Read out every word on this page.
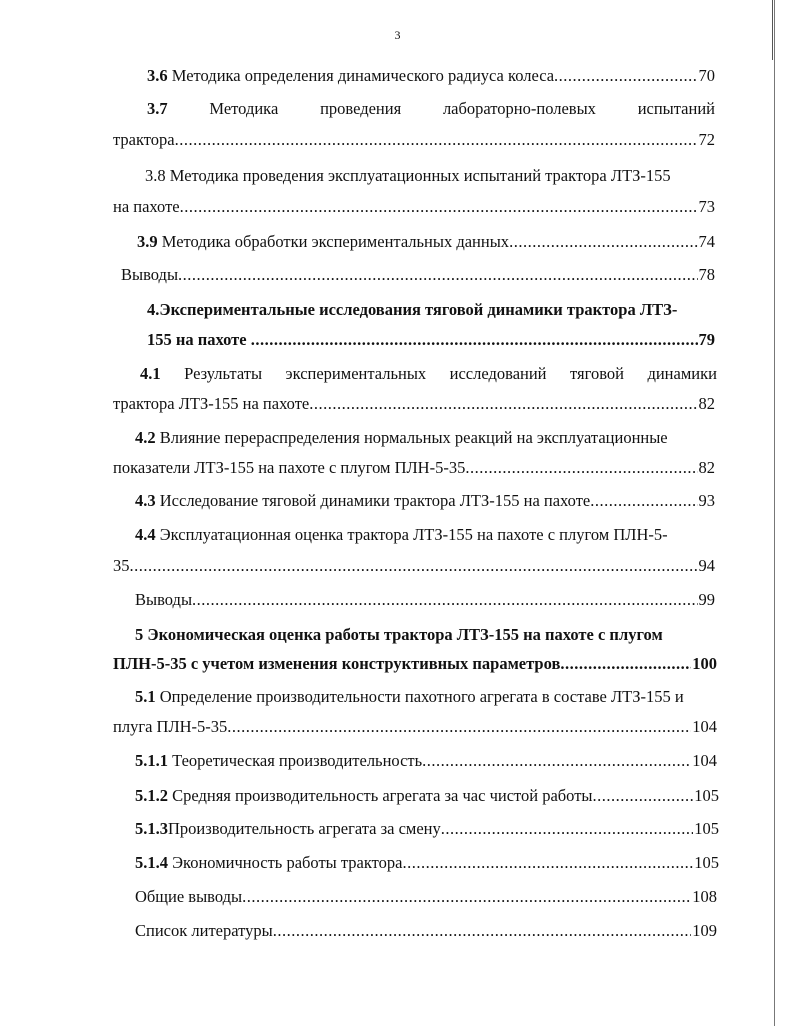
3
3.6
Методика определения динамического радиуса колеса .....	70
3.7	Методика	проведения	лабораторно-полевых	испытаний
трактора .....	72
3.8 Методика проведения эксплуатационных испытаний трактора ЛТЗ-155
на пахоте .....	73
3.9
Методика обработки экспериментальных данных .....	74
Выводы .....	78
4.Экспериментальные исследования тяговой динамики трактора ЛТЗ-
155 на пахоте
.....	79
4.1 Результаты экспериментальных исследований тяговой динамики
трактора ЛТЗ-155 на пахоте .....	82
4.2
Влияние перераспределения нормальных реакций на эксплуатационные
показатели ЛТЗ-155 на пахоте с плугом ПЛН-5-35 .....	82
4.3
Исследование тяговой динамики трактора ЛТЗ-155 на пахоте .....	93
4.4
Эксплуатационная оценка трактора ЛТЗ-155 на пахоте с плугом ПЛН-5-
35 .....	94
Выводы .....	99
5 Экономическая оценка работы трактора ЛТЗ-155 на пахоте с плугом
ПЛН-5-35 с учетом изменения конструктивных параметров .....	100
5.1
Определение производительности пахотного агрегата в составе ЛТЗ-155 и
плуга ПЛН-5-35 .....	104
5.1.1
Теоретическая производительность .....	104
5.1.2
Средняя производительность агрегата за час чистой работы .....	105
5.1.3 Производительность агрегата за смену .....	105
5.1.4
Экономичность работы трактора .....	105
Общие выводы .....	108
Список литературы .....	109
